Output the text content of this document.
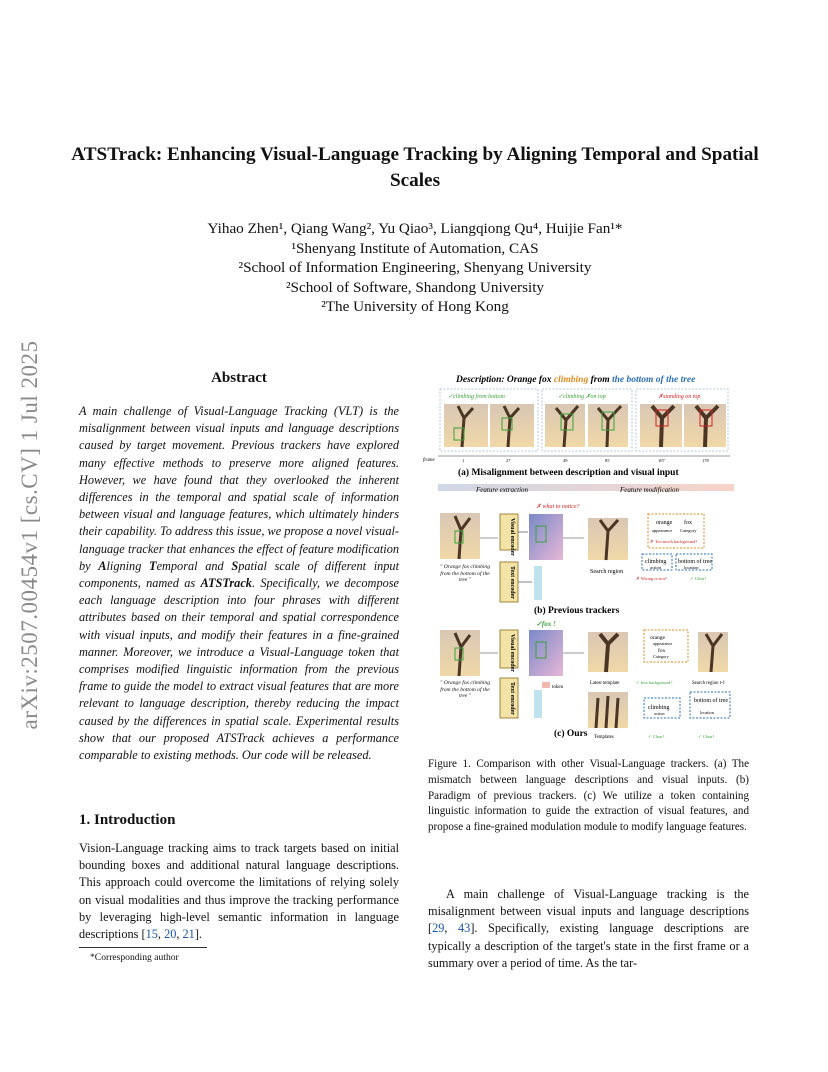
arXiv:2507.00454v1 [cs.CV] 1 Jul 2025
ATSTrack: Enhancing Visual-Language Tracking by Aligning Temporal and Spatial Scales
Yihao Zhen¹, Qiang Wang², Yu Qiao³, Liangqiong Qu⁴, Huijie Fan¹*
¹Shenyang Institute of Automation, CAS
²School of Information Engineering, Shenyang University
²School of Software, Shandong University
²The University of Hong Kong
Abstract
A main challenge of Visual-Language Tracking (VLT) is the misalignment between visual inputs and language descriptions caused by target movement. Previous trackers have explored many effective methods to preserve more aligned features. However, we have found that they overlooked the inherent differences in the temporal and spatial scale of information between visual and language features, which ultimately hinders their capability. To address this issue, we propose a novel visual-language tracker that enhances the effect of feature modification by Aligning Temporal and Spatial scale of different input components, named as ATSTrack. Specifically, we decompose each language description into four phrases with different attributes based on their temporal and spatial correspondence with visual inputs, and modify their features in a fine-grained manner. Moreover, we introduce a Visual-Language token that comprises modified linguistic information from the previous frame to guide the model to extract visual features that are more relevant to language description, thereby reducing the impact caused by the differences in spatial scale. Experimental results show that our proposed ATSTrack achieves a performance comparable to existing methods. Our code will be released.
1. Introduction
Vision-Language tracking aims to track targets based on initial bounding boxes and additional natural language descriptions. This approach could overcome the limitations of relying solely on visual modalities and thus improve the tracking performance by leveraging high-level semantic information in language descriptions [15, 20, 21].
*Corresponding author
Description: Orange fox climbing from the bottom of the tree
✓climbing from bottom	✓climbing ✗on top	✗standing on top
frame	1	27	49	85	107	178
(a) Misalignment between description and visual input
Feature extraction	Feature modification
✗ what to notice?
Visual encoder
Text encoder
" Orange fox climbing from the bottom of the tree "
Search region
orange fox
appearance Category
✗ Too much background?
climbing
action
bottom of tree
location
✗ Wrong or not?	✓ Clear!
(b) Previous trackers
✓fox !
Visual encoder
Text encoder
" Orange fox climbing from the bottom of the tree "
token
Latest template
orange
appearance
fox
Category
✓ less background !	Search region t-1
Templates
climbing
action
✓ Clear!
bottom of tree
location
✓ Clear!
(c) Ours
Figure 1. Comparison with other Visual-Language trackers. (a) The mismatch between language descriptions and visual inputs. (b) Paradigm of previous trackers. (c) We utilize a token containing linguistic information to guide the extraction of visual features, and propose a fine-grained modulation module to modify language features.
A main challenge of Visual-Language tracking is the misalignment between visual inputs and language descriptions [29, 43]. Specifically, existing language descriptions are typically a description of the target's state in the first frame or a summary over a period of time. As the tar-
